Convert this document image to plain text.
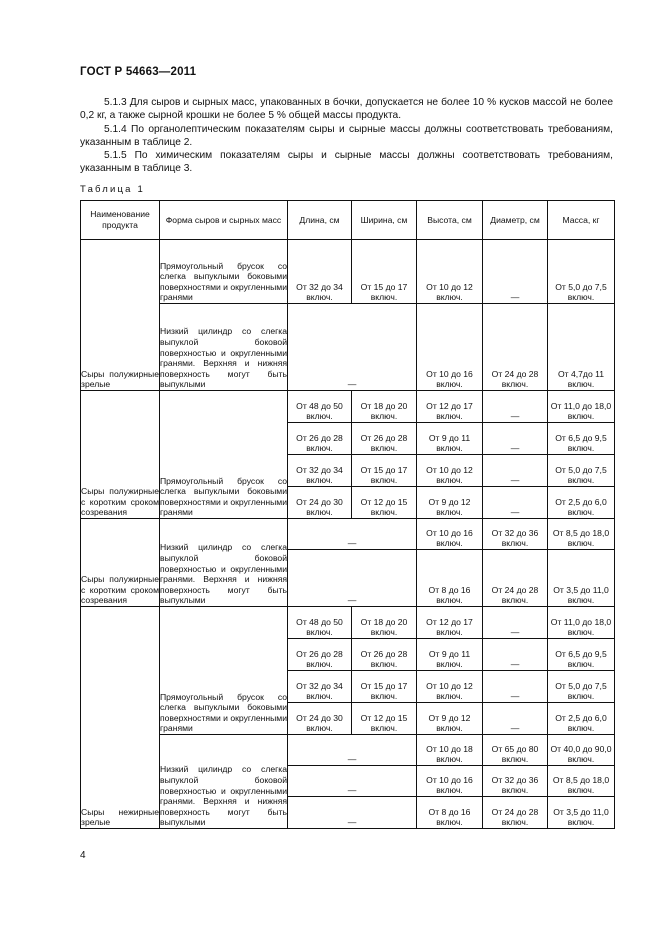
ГОСТ Р 54663—2011
5.1.3 Для сыров и сырных масс, упакованных в бочки, допускается не более 10 % кусков массой не более 0,2 кг, а также сырной крошки не более 5 % общей массы продукта.
5.1.4 По органолептическим показателям сыры и сырные массы должны соответствовать требованиям, указанным в таблице 2.
5.1.5 По химическим показателям сыры и сырные массы должны соответствовать требованиям, указанным в таблице 3.
Таблица 1
Наименование продукта	Форма сыров и сырных масс	Длина, см	Ширина, см	Высота, см	Диаметр, см	Масса, кг
Сыры полужирные зрелые	Прямоугольный брусок со слегка выпуклыми боковыми поверхностями и округленными гранями	От 32 до 34 включ.	От 15 до 17 включ.	От 10 до 12 включ.	—	От 5,0 до 7,5 включ.
	Низкий цилиндр со слегка выпуклой боковой поверхностью и округленными гранями. Верхняя и нижняя поверхность могут быть выпуклыми	—		От 10 до 16 включ.	От 24 до 28 включ.	От 4,7до 11 включ.
Сыры полужирные с коротким сроком созревания	Прямоугольный брусок со слегка выпуклыми боковыми поверхностями и округленными гранями	От 48 до 50 включ.	От 18 до 20 включ.	От 12 до 17 включ.	—	От 11,0 до 18,0 включ.
		От 26 до 28 включ.	От 26 до 28 включ.	От 9 до 11 включ.	—	От 6,5 до 9,5 включ.
		От 32 до 34 включ.	От 15 до 17 включ.	От 10 до 12 включ.	—	От 5,0 до 7,5 включ.
		От 24 до 30 включ.	От 12 до 15 включ.	От 9 до 12 включ.	—	От 2,5 до 6,0 включ.
Сыры полужирные с коротким сроком созревания	Низкий цилиндр со слегка выпуклой боковой поверхностью и округленными гранями. Верхняя и нижняя поверхность могут быть выпуклыми	—		От 10 до 16 включ.	От 32 до 36 включ.	От 8,5 до 18,0 включ.
		—		От 8 до 16 включ.	От 24 до 28 включ.	От 3,5 до 11,0 включ.
Сыры нежирные зрелые	Прямоугольный брусок со слегка выпуклыми боковыми поверхностями и округленными гранями	От 48 до 50 включ.	От 18 до 20 включ.	От 12 до 17 включ.	—	От 11,0 до 18,0 включ.
		От 26 до 28 включ.	От 26 до 28 включ.	От 9 до 11 включ.	—	От 6,5 до 9,5 включ.
		От 32 до 34 включ.	От 15 до 17 включ.	От 10 до 12 включ.	—	От 5,0 до 7,5 включ.
		От 24 до 30 включ.	От 12 до 15 включ.	От 9 до 12 включ.	—	От 2,5 до 6,0 включ.
	Низкий цилиндр со слегка выпуклой боковой поверхностью и округленными гранями. Верхняя и нижняя поверхность могут быть выпуклыми	—		От 10 до 18 включ.	От 65 до 80 включ.	От 40,0 до 90,0 включ.
		—		От 10 до 16 включ.	От 32 до 36 включ.	От 8,5 до 18,0 включ.
		—		От 8 до 16 включ.	От 24 до 28 включ.	От 3,5 до 11,0 включ.
4
